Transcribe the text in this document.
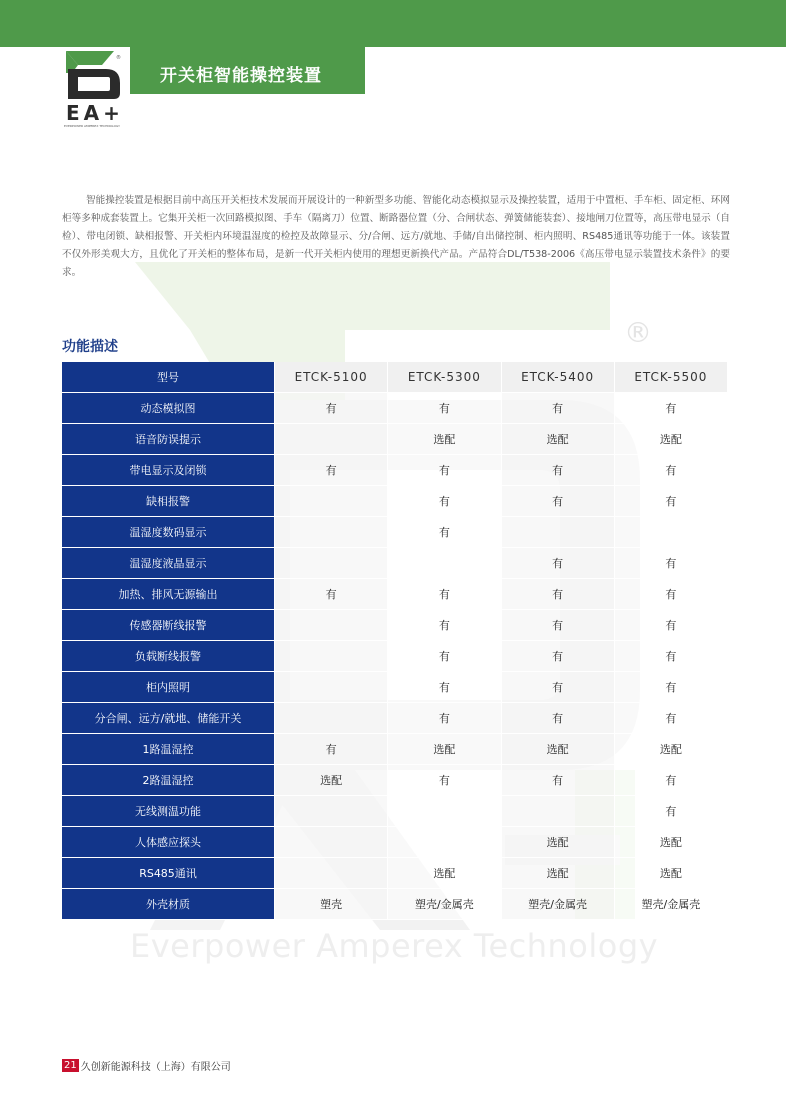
®
Everpower Amperex Technology
开关柜智能操控装置
®
EA+
EVERPOWER AMPEREX TECHNOLOGY

智能操控装置是根据目前中高压开关柜技术发展而开展设计的一种新型多功能、智能化动态模拟显示及操控装置，适用于中置柜、手车柜、固定柜、环网柜等多种成套装置上。它集开关柜一次回路模拟图、手车（隔离刀）位置、断路器位置（分、合闸状态、弹簧储能装套）、接地闸刀位置等，高压带电显示（自检）、带电闭锁、缺相报警、开关柜内环境温湿度的检控及故障显示、分/合闸、远方/就地、手储/自出储控制、柜内照明、RS485通讯等功能于一体。该装置不仅外形美观大方，且优化了开关柜的整体布局，是新一代开关柜内使用的理想更新换代产品。产品符合DL/T538-2006《高压带电显示装置技术条件》的要求。

功能描述
型号	ETCK-5100	ETCK-5300	ETCK-5400	ETCK-5500
动态模拟图	有	有	有	有
语音防误提示		选配	选配	选配
带电显示及闭锁	有	有	有	有
缺相报警		有	有	有
温湿度数码显示		有		
温湿度液晶显示			有	有
加热、排风无源输出	有	有	有	有
传感器断线报警		有	有	有
负载断线报警		有	有	有
柜内照明		有	有	有
分合闸、远方/就地、储能开关		有	有	有
1路温湿控	有	选配	选配	选配
2路温湿控	选配	有	有	有
无线测温功能				有
人体感应探头			选配	选配
RS485通讯		选配	选配	选配
外壳材质	塑壳	塑壳/金属壳	塑壳/金属壳	塑壳/金属壳
21 久创新能源科技（上海）有限公司
